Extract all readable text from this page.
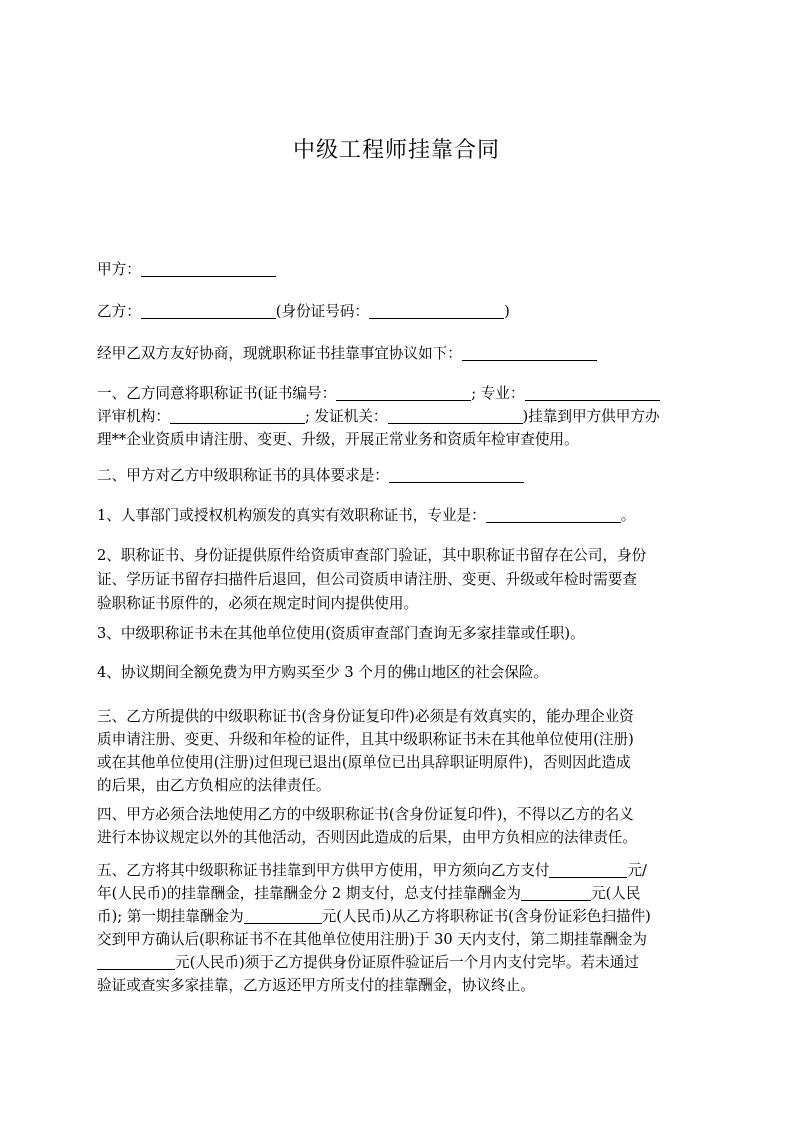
中级工程师挂靠合同

甲方：

乙方：	(身份证号码：	)

经甲乙双方友好协商，现就职称证书挂靠事宜协议如下：

一、乙方同意将职称证书(证书编号：	; 专业：

评审机构：	; 发证机关：	)挂靠到甲方供甲方办

理**企业资质申请注册、变更、升级，开展正常业务和资质年检审查使用。

二、甲方对乙方中级职称证书的具体要求是：

1、人事部门或授权机构颁发的真实有效职称证书，专业是：	。

2、职称证书、身份证提供原件给资质审查部门验证，其中职称证书留存在公司，身份

证、学历证书留存扫描件后退回，但公司资质申请注册、变更、升级或年检时需要查

验职称证书原件的，必须在规定时间内提供使用。

3、中级职称证书未在其他单位使用(资质审查部门查询无多家挂靠或任职)。

4、协议期间全额免费为甲方购买至少 3 个月的佛山地区的社会保险。

三、乙方所提供的中级职称证书(含身份证复印件)必须是有效真实的，能办理企业资

质申请注册、变更、升级和年检的证件，且其中级职称证书未在其他单位使用(注册)

或在其他单位使用(注册)过但现已退出(原单位已出具辞职证明原件)，否则因此造成

的后果，由乙方负相应的法律责任。

四、甲方必须合法地使用乙方的中级职称证书(含身份证复印件)，不得以乙方的名义

进行本协议规定以外的其他活动，否则因此造成的后果，由甲方负相应的法律责任。

五、乙方将其中级职称证书挂靠到甲方供甲方使用，甲方须向乙方支付	元/

年(人民币)的挂靠酬金，挂靠酬金分 2 期支付，总支付挂靠酬金为	元(人民

币); 第一期挂靠酬金为	元(人民币)从乙方将职称证书(含身份证彩色扫描件)

交到甲方确认后(职称证书不在其他单位使用注册)于 30 天内支付，第二期挂靠酬金为

元(人民币)须于乙方提供身份证原件验证后一个月内支付完毕。若未通过

验证或查实多家挂靠，乙方返还甲方所支付的挂靠酬金，协议终止。
